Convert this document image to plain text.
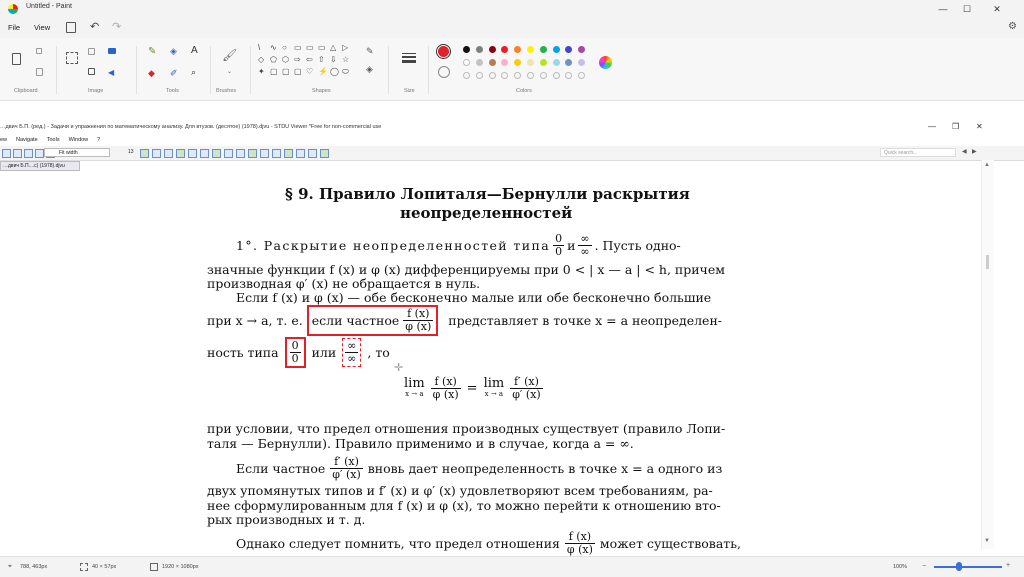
Untitled - Paint	—	☐	✕
File View	↶ ↷	⚙
Clipboard
◀
Image
✎ ◈ A
◆ ✐ ⌕
Tools
🖌
⌄
Brushes
\	∿ ○ ▭ ▭ ▭ △ ▷
◇ ⬠ ⬡ ⇨ ⇦ ⇧ ⇩ ☆
✦ ▢ ▢ ▢ ♡ ⚡ ◯ ⬭
✎
◈
Shapes	Size	Colors
…двич Б.П. (ред.) - Задачи и упражнения по математическому анализу. Для втузов. (десятое) (1978).djvu - STDU Viewer *Free for non-commercial use	— ❐ ✕
ew Navigate Tools Window ?
Fit width	13	Quick search...	◀ ▶
…двич Б.П....с) (1978).djvu
§ 9. Правило Лопиталя—Бернулли раскрытия
неопределенностей
1°. Раскрытие неопределенностей типа $\frac{0}{0}$ и $\frac{\infty}{\infty}$ . Пусть одно-
значные функции f (x) и φ (x) дифференцируемы при 0 < | x — a | < h, причем
производная φ′ (x) не обращается в нуль.
Если f (x) и φ (x) — обе бесконечно малые или обе бесконечно большие
при x → a, т. е. если частное $\frac{f (x)}{\varphi (x)}$ представляет в точке x = a неопределен-
ность типа $\frac{0}{0}$ или $\frac{\infty}{\infty}$ , то
✛
lim
x → a $\frac{f (x)}{\varphi (x)} = \lim$
x → a $\frac{f' (x)}{\varphi' (x)}$
при условии, что предел отношения производных существует (правило Лопи-
таля — Бернулли). Правило применимо и в случае, когда a = ∞.
Если частное $\frac{f' (x)}{\varphi' (x)}$ вновь дает неопределенность в точке x = a одного из
двух упомянутых типов и f′ (x) и φ′ (x) удовлетворяют всем требованиям, ра-
нее сформулированным для f (x) и φ (x), то можно перейти к отношению вто-
рых производных и т. д.
Однако следует помнить, что предел отношения $\frac{f (x)}{\varphi (x)}$ может существовать,
▲
▼
⌖ 788, 463px	40 × 57px	1920 × 1080px	100% −	+
